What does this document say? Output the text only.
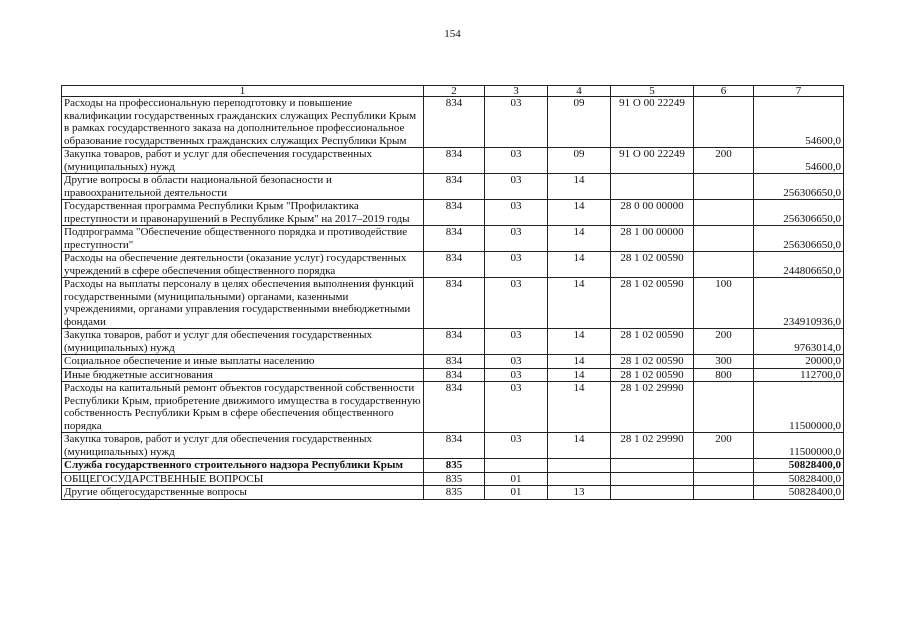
154
1	2	3	4	5	6	7
Расходы на профессиональную переподготовку и повышение квалификации государственных гражданских служащих Республики Крым в рамках государственного заказа на дополнительное профессиональное образование государственных гражданских служащих Республики Крым	834	03	09	91 О 00 22249		54600,0
Закупка товаров, работ и услуг для обеспечения государственных (муниципальных) нужд	834	03	09	91 О 00 22249	200	54600,0
Другие вопросы в области национальной безопасности и правоохранительной деятельности	834	03	14			256306650,0
Государственная программа Республики Крым "Профилактика преступности и правонарушений в Республике Крым" на 2017–2019 годы	834	03	14	28 0 00 00000		256306650,0
Подпрограмма "Обеспечение общественного порядка и противодействие преступности"	834	03	14	28 1 00 00000		256306650,0
Расходы на обеспечение деятельности (оказание услуг) государственных учреждений в сфере обеспечения общественного порядка	834	03	14	28 1 02 00590		244806650,0
Расходы на выплаты персоналу в целях обеспечения выполнения функций государственными (муниципальными) органами, казенными учреждениями, органами управления государственными внебюджетными фондами	834	03	14	28 1 02 00590	100	234910936,0
Закупка товаров, работ и услуг для обеспечения государственных (муниципальных) нужд	834	03	14	28 1 02 00590	200	9763014,0
Социальное обеспечение и иные выплаты населению	834	03	14	28 1 02 00590	300	20000,0
Иные бюджетные ассигнования	834	03	14	28 1 02 00590	800	112700,0
Расходы на капитальный ремонт объектов государственной собственности Республики Крым, приобретение движимого имущества в государственную собственность Республики Крым в сфере обеспечения общественного порядка	834	03	14	28 1 02 29990		11500000,0
Закупка товаров, работ и услуг для обеспечения государственных (муниципальных) нужд	834	03	14	28 1 02 29990	200	11500000,0
Служба государственного строительного надзора Республики Крым	835					50828400,0
ОБЩЕГОСУДАРСТВЕННЫЕ ВОПРОСЫ	835	01				50828400,0
Другие общегосударственные вопросы	835	01	13			50828400,0
